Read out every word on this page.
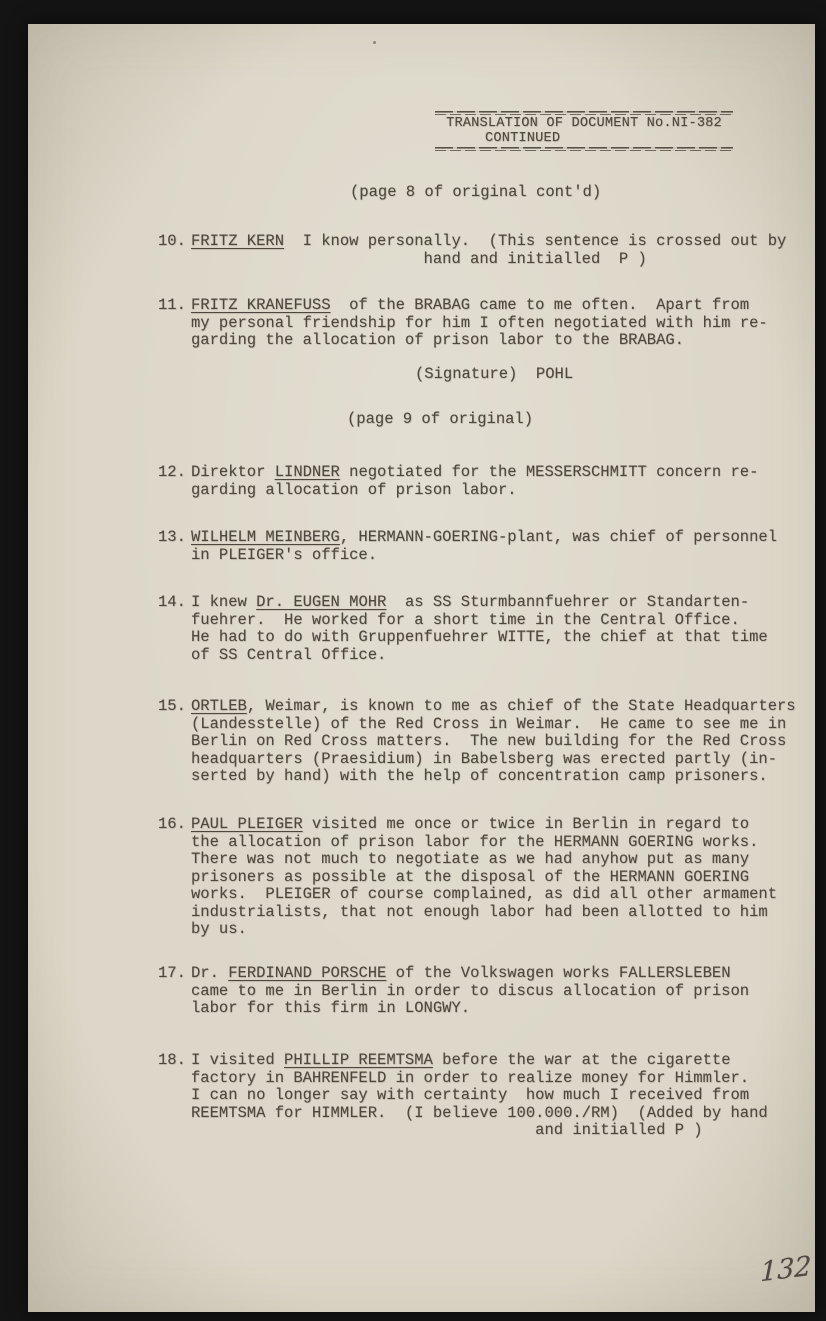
TRANSLATION OF DOCUMENT No.NI-382
CONTINUED
(page 8 of original cont'd)
10. FRITZ KERN  I know personally.  (This sentence is crossed out by
hand and initialled  P )
11. FRITZ KRANEFUSS  of the BRABAG came to me often.  Apart from
my personal friendship for him I often negotiated with him re-
garding the allocation of prison labor to the BRABAG.
(Signature)  POHL
(page 9 of original)
12. Direktor LINDNER negotiated for the MESSERSCHMITT concern re-
garding allocation of prison labor.
13. WILHELM MEINBERG, HERMANN-GOERING-plant, was chief of personnel
in PLEIGER's office.
14. I knew Dr. EUGEN MOHR  as SS Sturmbannfuehrer or Standarten-
fuehrer.  He worked for a short time in the Central Office.
He had to do with Gruppenfuehrer WITTE, the chief at that time
of SS Central Office.
15. ORTLEB, Weimar, is known to me as chief of the State Headquarters
(Landesstelle) of the Red Cross in Weimar.  He came to see me in
Berlin on Red Cross matters.  The new building for the Red Cross
headquarters (Praesidium) in Babelsberg was erected partly (in-
serted by hand) with the help of concentration camp prisoners.
16. PAUL PLEIGER visited me once or twice in Berlin in regard to
the allocation of prison labor for the HERMANN GOERING works.
There was not much to negotiate as we had anyhow put as many
prisoners as possible at the disposal of the HERMANN GOERING
works.  PLEIGER of course complained, as did all other armament
industrialists, that not enough labor had been allotted to him
by us.
17. Dr. FERDINAND PORSCHE of the Volkswagen works FALLERSLEBEN
came to me in Berlin in order to discus allocation of prison
labor for this firm in LONGWY.
18. I visited PHILLIP REEMTSMA before the war at the cigarette
factory in BAHRENFELD in order to realize money for Himmler.
I can no longer say with certainty  how much I received from
REEMTSMA for HIMMLER.  (I believe 100.000./RM)  (Added by hand
and initialled P )
132
